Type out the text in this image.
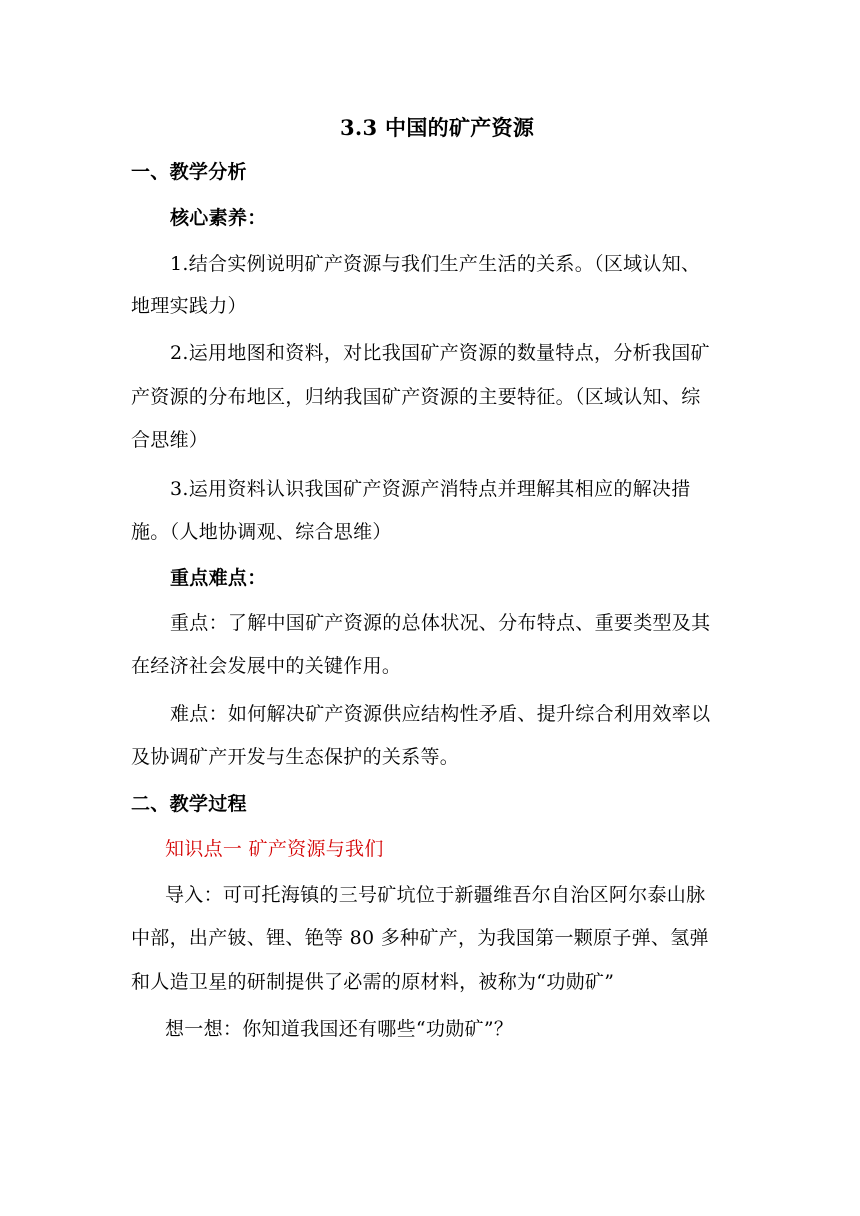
3.3 中国的矿产资源
一、教学分析
核心素养：
1.结合实例说明矿产资源与我们生产生活的关系。（区域认知、
地理实践力）
2.运用地图和资料，对比我国矿产资源的数量特点，分析我国矿
产资源的分布地区，归纳我国矿产资源的主要特征。（区域认知、综
合思维）
3.运用资料认识我国矿产资源产消特点并理解其相应的解决措
施。（人地协调观、综合思维）
重点难点：
重点：了解中国矿产资源的总体状况、分布特点、重要类型及其
在经济社会发展中的关键作用。
难点：如何解决矿产资源供应结构性矛盾、提升综合利用效率以
及协调矿产开发与生态保护的关系等。
二、教学过程
知识点一 矿产资源与我们
导入：可可托海镇的三号矿坑位于新疆维吾尔自治区阿尔泰山脉
中部，出产铍、锂、铯等 80 多种矿产，为我国第一颗原子弹、氢弹
和人造卫星的研制提供了必需的原材料，被称为“功勋矿”
想一想：你知道我国还有哪些“功勋矿”？
